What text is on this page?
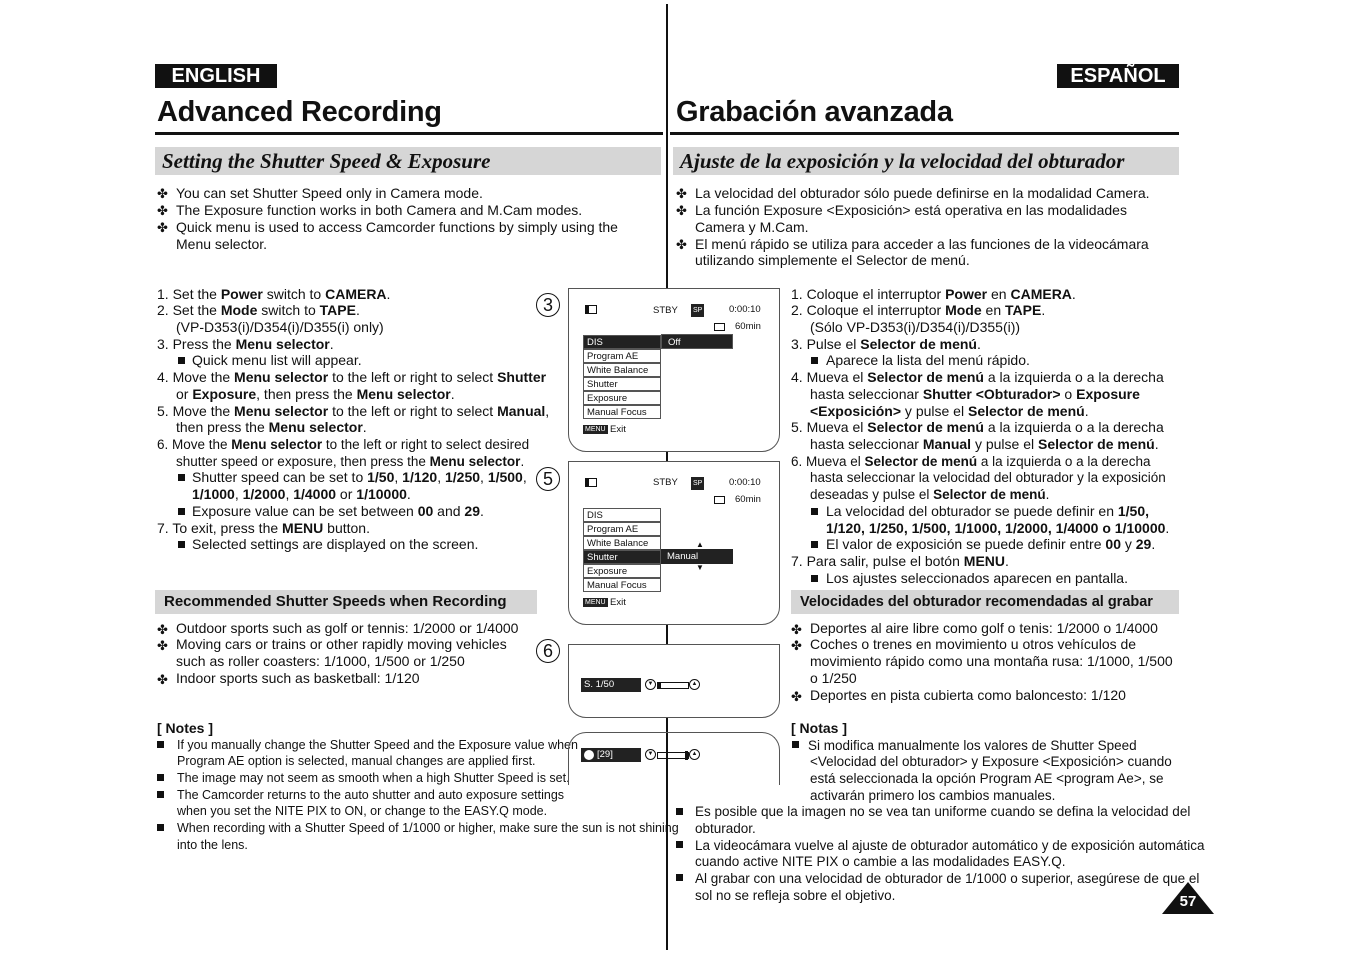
ENGLISH	ESPAÑOL
Advanced Recording	Grabación avanzada
Setting the Shutter Speed & Exposure	Ajuste de la exposición y la velocidad del obturador
✤ You can set Shutter Speed only in Camera mode.
✤ The Exposure function works in both Camera and M.Cam modes.
✤ Quick menu is used to access Camcorder functions by simply using the
Menu selector.
✤ La velocidad del obturador sólo puede definirse en la modalidad Camera.
✤ La función Exposure <Exposición> está operativa en las modalidades
Camera y M.Cam.
✤ El menú rápido se utiliza para acceder a las funciones de la videocámara
utilizando simplemente el Selector de menú.
1. Set the Power switch to CAMERA.
2. Set the Mode switch to TAPE.
(VP-D353(i)/D354(i)/D355(i) only)
3. Press the Menu selector.
Quick menu list will appear.
4. Move the Menu selector to the left or right to select Shutter
or Exposure, then press the Menu selector.
5. Move the Menu selector to the left or right to select Manual,
then press the Menu selector.
6. Move the Menu selector to the left or right to select desired
shutter speed or exposure, then press the Menu selector.
Shutter speed can be set to 1/50, 1/120, 1/250, 1/500,
1/1000, 1/2000, 1/4000 or 1/10000.
Exposure value can be set between 00 and 29.
7. To exit, press the MENU button.
Selected settings are displayed on the screen.
1. Coloque el interruptor Power en CAMERA.
2. Coloque el interruptor Mode en TAPE.
(Sólo VP-D353(i)/D354(i)/D355(i))
3. Pulse el Selector de menú.
Aparece la lista del menú rápido.
4. Mueva el Selector de menú a la izquierda o a la derecha
hasta seleccionar Shutter <Obturador> o Exposure
<Exposición> y pulse el Selector de menú.
5. Mueva el Selector de menú a la izquierda o a la derecha
hasta seleccionar Manual y pulse el Selector de menú.
6. Mueva el Selector de menú a la izquierda o a la derecha
hasta seleccionar la velocidad del obturador y la exposición
deseadas y pulse el Selector de menú.
La velocidad del obturador se puede definir en 1/50,
1/120, 1/250, 1/500, 1/1000, 1/2000, 1/4000 o 1/10000.
El valor de exposición se puede definir entre 00 y 29.
7. Para salir, pulse el botón MENU.
Los ajustes seleccionados aparecen en pantalla.
Recommended Shutter Speeds when Recording	Velocidades del obturador recomendadas al grabar
✤ Outdoor sports such as golf or tennis: 1/2000 or 1/4000
✤ Moving cars or trains or other rapidly moving vehicles
such as roller coasters: 1/1000, 1/500 or 1/250
✤ Indoor sports such as basketball: 1/120
✤ Deportes al aire libre como golf o tenis: 1/2000 o 1/4000
✤ Coches o trenes en movimiento u otros vehículos de
movimiento rápido como una montaña rusa: 1/1000, 1/500
o 1/250
✤ Deportes en pista cubierta como baloncesto: 1/120
[ Notes ]
If you manually change the Shutter Speed and the Exposure value when
Program AE option is selected, manual changes are applied first.
The image may not seem as smooth when a high Shutter Speed is set.
The Camcorder returns to the auto shutter and auto exposure settings
when you set the NITE PIX to ON, or change to the EASY.Q mode.
When recording with a Shutter Speed of 1/1000 or higher, make sure the sun is not shining
into the lens.
[ Notas ]
Si modifica manualmente los valores de Shutter Speed
<Velocidad del obturador> y Exposure <Exposición> cuando
está seleccionada la opción Program AE <program Ae>, se
activarán primero los cambios manuales.
Es posible que la imagen no se vea tan uniforme cuando se defina la velocidad del
obturador.
La videocámara vuelve al ajuste de obturador automático y de exposición automática
cuando active NITE PIX o cambie a las modalidades EASY.Q.
Al grabar con una velocidad de obturador de 1/1000 o superior, asegúrese de que el
sol no se refleja sobre el objetivo.
3
5
6
STBY SP	0:00:10
60min
DIS	Off
Program AE
White Balance
Shutter
Exposure
Manual Focus
MENU Exit
STBY SP	0:00:10
60min
DIS
Program AE
White Balance
Shutter	Manual
▲
▼
Exposure
Manual Focus
MENU Exit
S. 1/50	▼	▲
[29]	▼	▲
57
